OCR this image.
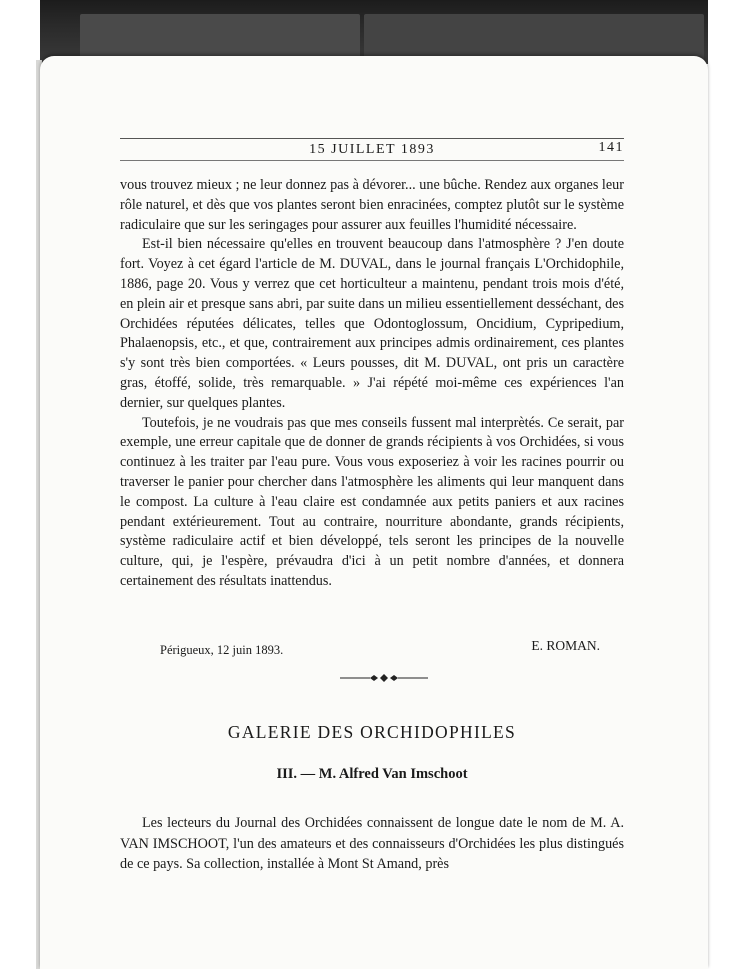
15 JUILLET 1893	141

vous trouvez mieux ; ne leur donnez pas à dévorer... une bûche. Rendez aux organes leur rôle naturel, et dès que vos plantes seront bien enracinées, comptez plutôt sur le système radiculaire que sur les seringages pour assurer aux feuilles l'humidité nécessaire.

Est-il bien nécessaire qu'elles en trouvent beaucoup dans l'atmosphère ? J'en doute fort. Voyez à cet égard l'article de M. DUVAL, dans le journal français L'Orchidophile, 1886, page 20. Vous y verrez que cet horticulteur a maintenu, pendant trois mois d'été, en plein air et presque sans abri, par suite dans un milieu essentiellement desséchant, des Orchidées réputées délicates, telles que Odontoglossum, Oncidium, Cypripedium, Phalaenopsis, etc., et que, contrairement aux principes admis ordinairement, ces plantes s'y sont très bien comportées. « Leurs pousses, dit M. DUVAL, ont pris un caractère gras, étoffé, solide, très remarquable. » J'ai répété moi-même ces expériences l'an dernier, sur quelques plantes.

Toutefois, je ne voudrais pas que mes conseils fussent mal interprètés. Ce serait, par exemple, une erreur capitale que de donner de grands récipients à vos Orchidées, si vous continuez à les traiter par l'eau pure. Vous vous exposeriez à voir les racines pourrir ou traverser le panier pour chercher dans l'atmosphère les aliments qui leur manquent dans le compost. La culture à l'eau claire est condamnée aux petits paniers et aux racines pendant extérieurement. Tout au contraire, nourriture abondante, grands récipients, système radiculaire actif et bien développé, tels seront les principes de la nouvelle culture, qui, je l'espère, prévaudra d'ici à un petit nombre d'années, et donnera certainement des résultats inattendus.

Périgueux, 12 juin 1893.	E. ROMAN.
GALERIE DES ORCHIDOPHILES
III. — M. Alfred Van Imschoot

Les lecteurs du Journal des Orchidées connaissent de longue date le nom de M. A. VAN IMSCHOOT, l'un des amateurs et des connaisseurs d'Orchidées les plus distingués de ce pays. Sa collection, installée à Mont St Amand, près
